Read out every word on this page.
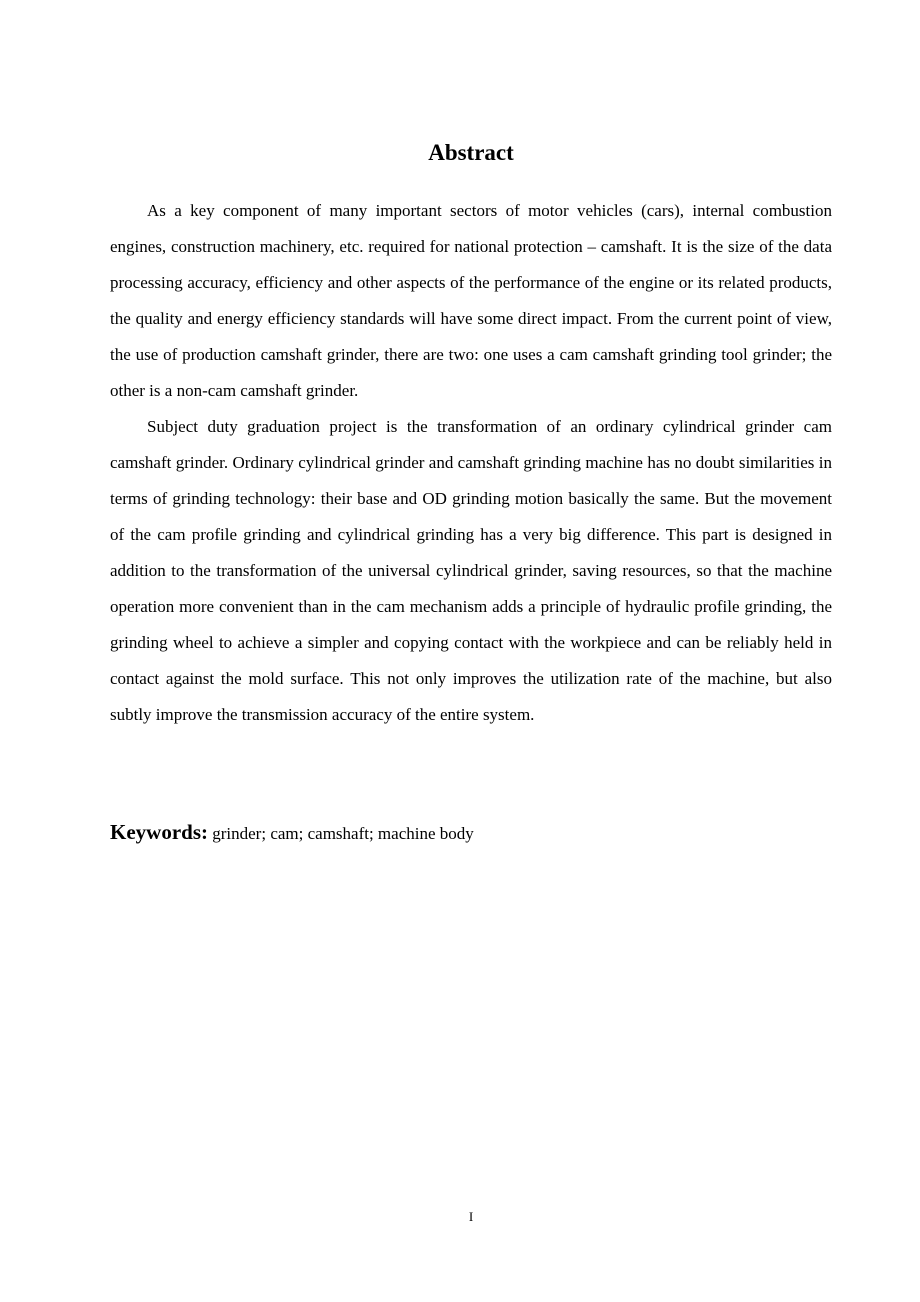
Abstract

As a key component of many important sectors of motor vehicles (cars), internal combustion engines, construction machinery, etc. required for national protection – camshaft. It is the size of the data processing accuracy, efficiency and other aspects of the performance of the engine or its related products, the quality and energy efficiency standards will have some direct impact. From the current point of view, the use of production camshaft grinder, there are two: one uses a cam camshaft grinding tool grinder; the other is a non-cam camshaft grinder.

Subject duty graduation project is the transformation of an ordinary cylindrical grinder cam camshaft grinder. Ordinary cylindrical grinder and camshaft grinding machine has no doubt similarities in terms of grinding technology: their base and OD grinding motion basically the same. But the movement of the cam profile grinding and cylindrical grinding has a very big difference. This part is designed in addition to the transformation of the universal cylindrical grinder, saving resources, so that the machine operation more convenient than in the cam mechanism adds a principle of hydraulic profile grinding, the grinding wheel to achieve a simpler and copying contact with the workpiece and can be reliably held in contact against the mold surface. This not only improves the utilization rate of the machine, but also subtly improve the transmission accuracy of the entire system.

Keywords: grinder; cam; camshaft; machine body
I
